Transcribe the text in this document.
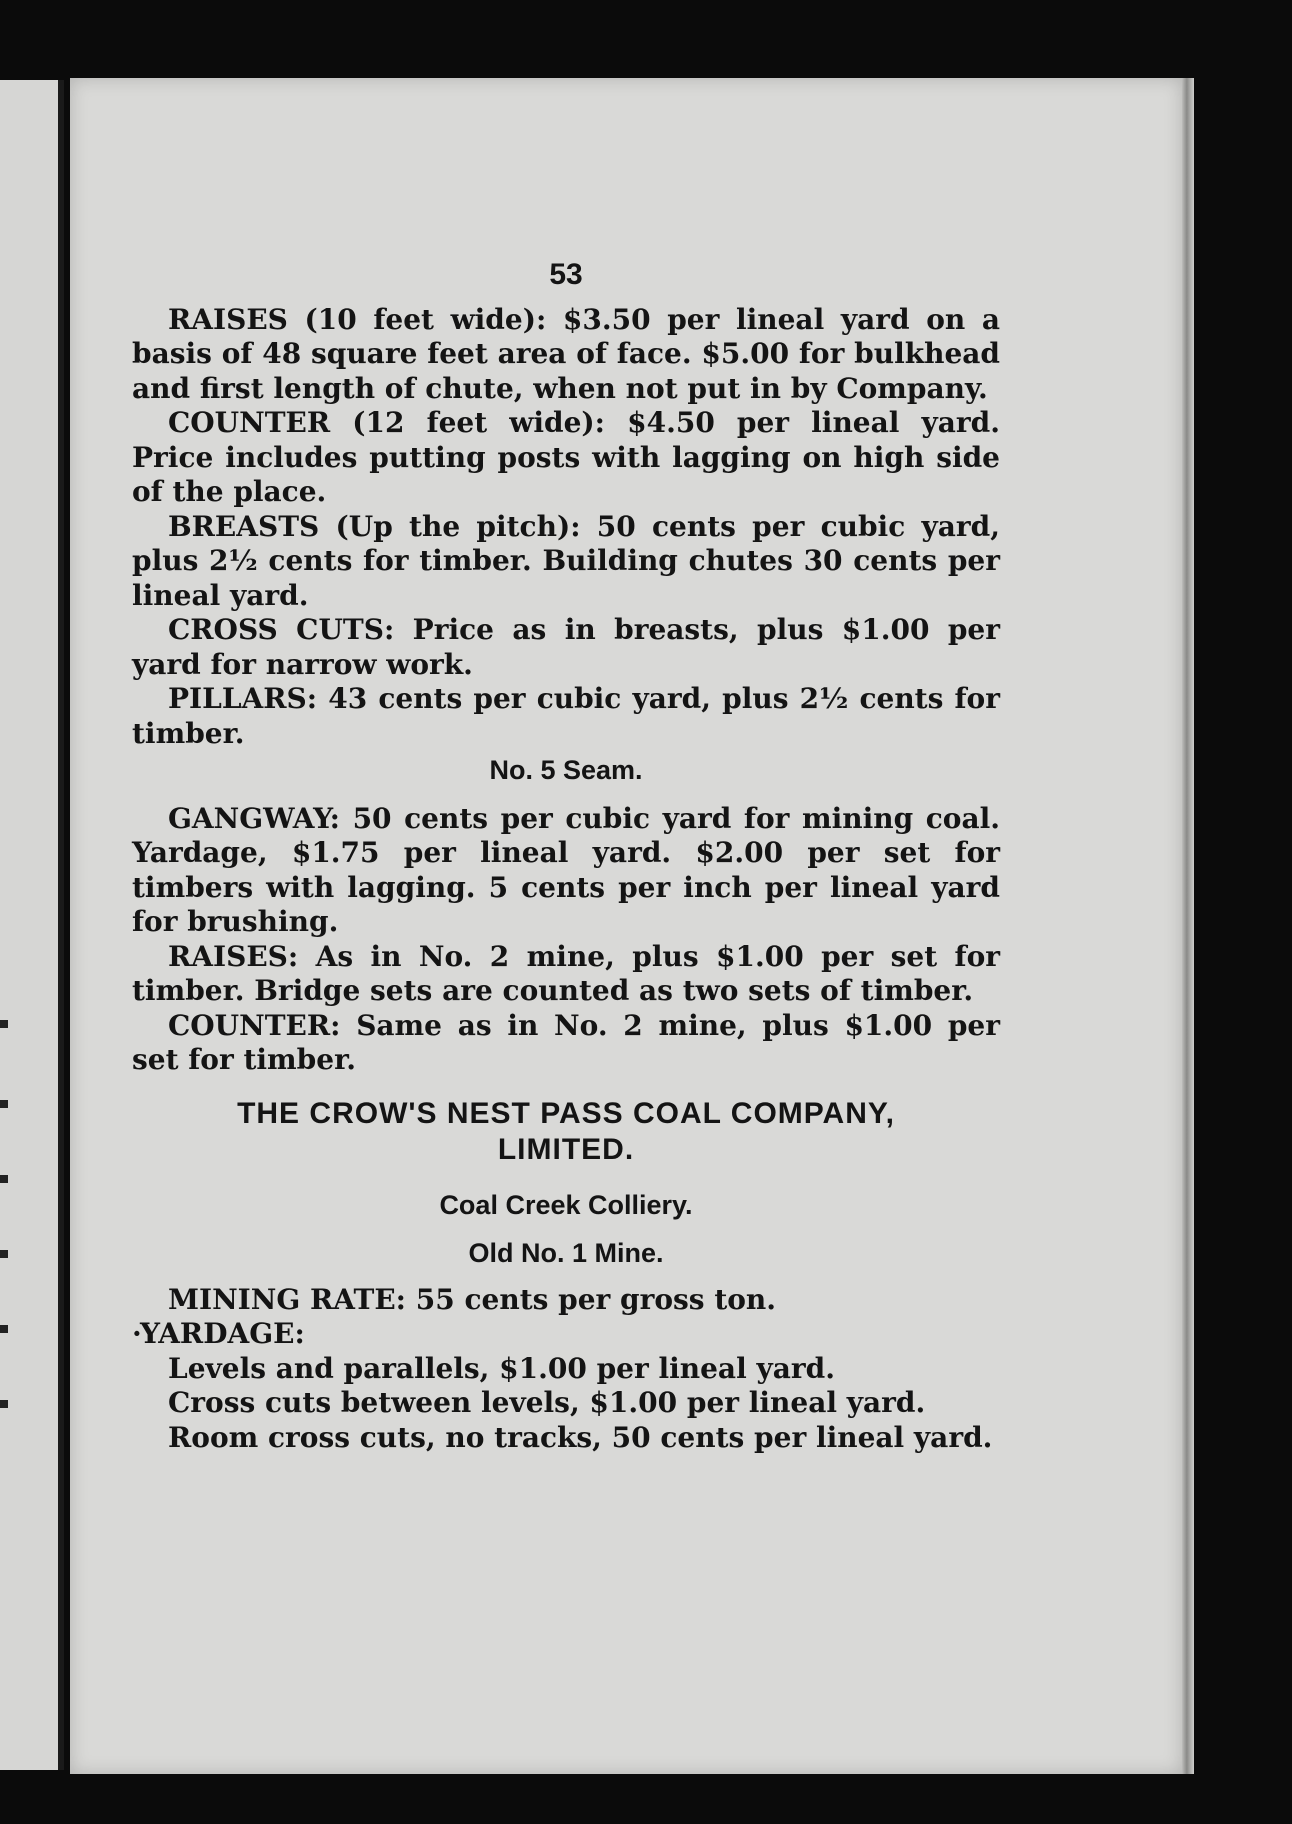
53

RAISES (10 feet wide): $3.50 per lineal yard on a basis of 48 square feet area of face. $5.00 for bulkhead and first length of chute, when not put in by Company.

COUNTER (12 feet wide): $4.50 per lineal yard. Price includes putting posts with lagging on high side of the place.

BREASTS (Up the pitch): 50 cents per cubic yard, plus 2½ cents for timber. Building chutes 30 cents per lineal yard.

CROSS CUTS: Price as in breasts, plus $1.00 per yard for narrow work.

PILLARS: 43 cents per cubic yard, plus 2½ cents for timber.

No. 5 Seam.

GANGWAY: 50 cents per cubic yard for mining coal. Yardage, $1.75 per lineal yard. $2.00 per set for timbers with lagging. 5 cents per inch per lineal yard for brushing.

RAISES: As in No. 2 mine, plus $1.00 per set for timber. Bridge sets are counted as two sets of timber.

COUNTER: Same as in No. 2 mine, plus $1.00 per set for timber.

THE CROW'S NEST PASS COAL COMPANY,
LIMITED.
Coal Creek Colliery.
Old No. 1 Mine.

MINING RATE: 55 cents per gross ton.

·YARDAGE:

Levels and parallels, $1.00 per lineal yard.

Cross cuts between levels, $1.00 per lineal yard.

Room cross cuts, no tracks, 50 cents per lineal yard.
